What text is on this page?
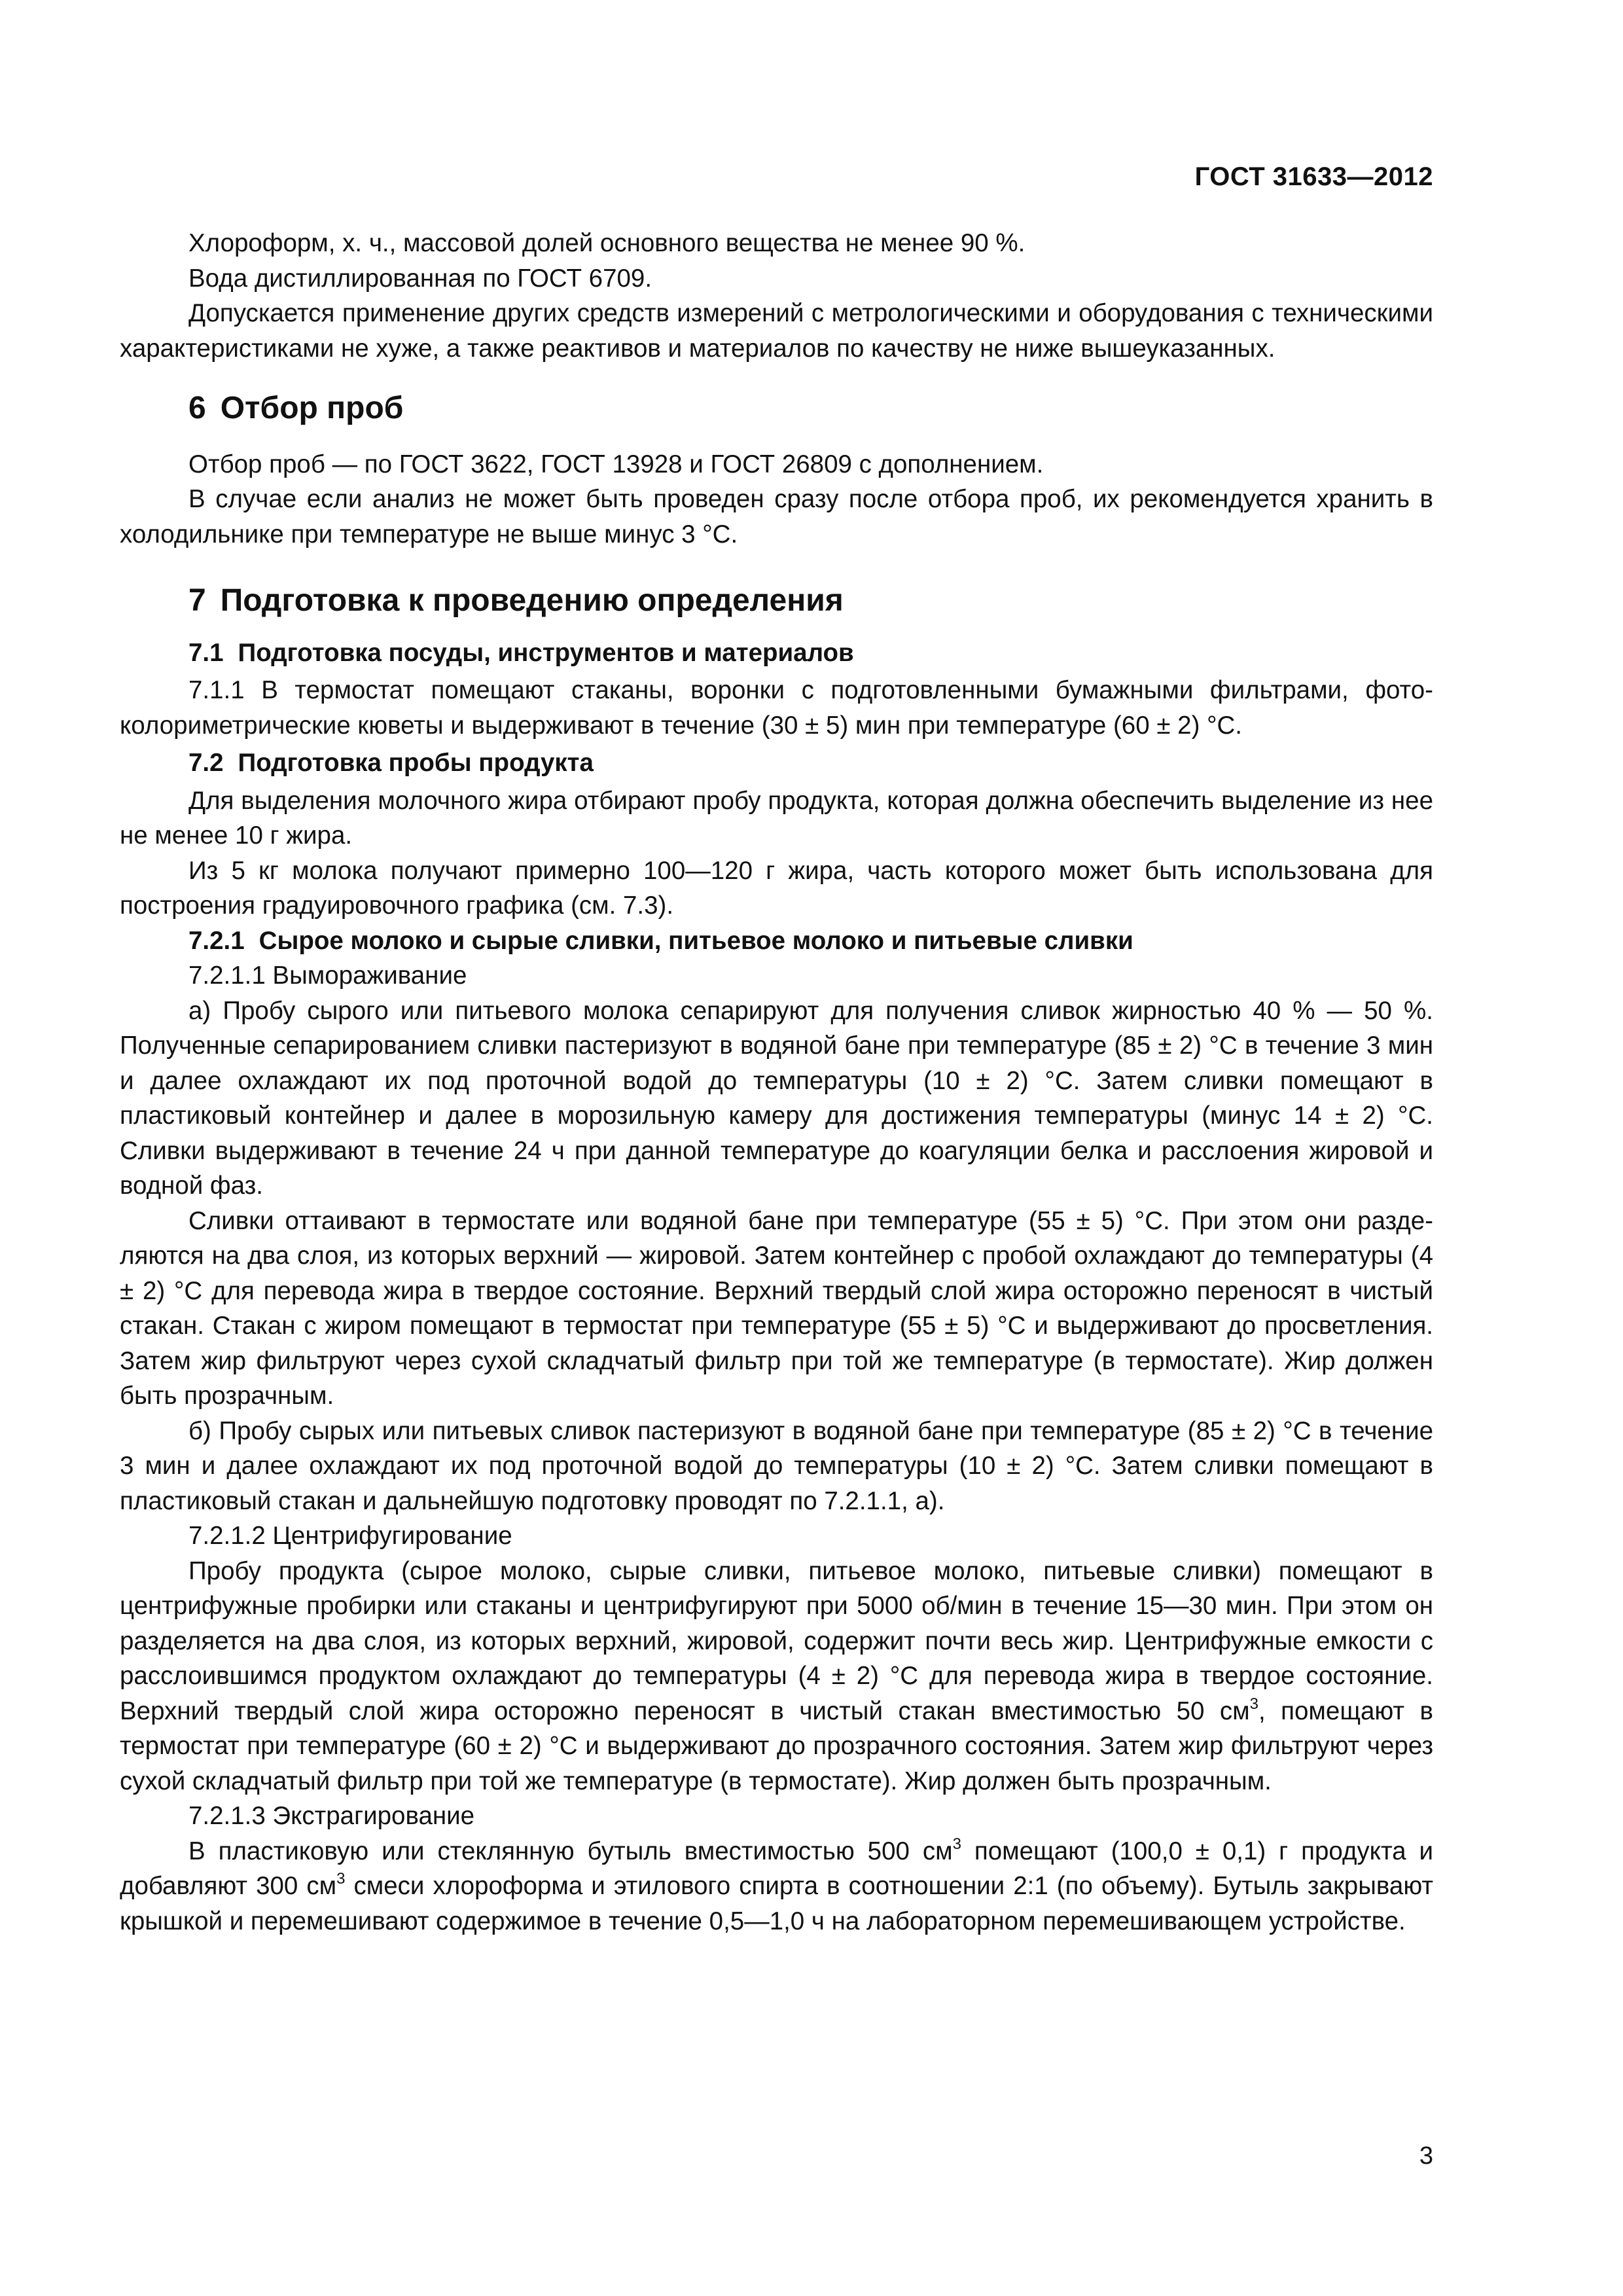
ГОСТ 31633—2012

Хлороформ, х. ч., массовой долей основного вещества не менее 90 %.

Вода дистиллированная по ГОСТ 6709.

Допускается применение других средств измерений с метрологическими и оборудования с техническими характеристиками не хуже, а также реактивов и материалов по качеству не ниже вышеуказанных.

6 Отбор проб

Отбор проб — по ГОСТ 3622, ГОСТ 13928 и ГОСТ 26809 с дополнением.

В случае если анализ не может быть проведен сразу после отбора проб, их рекомендуется хранить в холодильнике при температуре не выше минус 3 °С.

7 Подготовка к проведению определения
7.1 Подготовка посуды, инструментов и материалов

7.1.1 В термостат помещают стаканы, воронки с подготовленными бумажными фильтрами, фотоколориметрические кюветы и выдерживают в течение (30 ± 5) мин при температуре (60 ± 2) °С.

7.2 Подготовка пробы продукта

Для выделения молочного жира отбирают пробу продукта, которая должна обеспечить выделение из нее не менее 10 г жира.

Из 5 кг молока получают примерно 100—120 г жира, часть которого может быть использована для построения градуировочного графика (см. 7.3).

7.2.1 Сырое молоко и сырые сливки, питьевое молоко и питьевые сливки

7.2.1.1 Вымораживание

а) Пробу сырого или питьевого молока сепарируют для получения сливок жирностью 40 % — 50 %. Полученные сепарированием сливки пастеризуют в водяной бане при температуре (85 ± 2) °С в течение 3 мин и далее охлаждают их под проточной водой до температуры (10 ± 2) °С. Затем сливки помещают в пластиковый контейнер и далее в морозильную камеру для достижения температуры (минус 14 ± 2) °С. Сливки выдерживают в течение 24 ч при данной температуре до коагуляции белка и расслоения жировой и водной фаз.

Сливки оттаивают в термостате или водяной бане при температуре (55 ± 5) °С. При этом они разделяются на два слоя, из которых верхний — жировой. Затем контейнер с пробой охлаждают до температуры (4 ± 2) °С для перевода жира в твердое состояние. Верхний твердый слой жира осторожно переносят в чистый стакан. Стакан с жиром помещают в термостат при температуре (55 ± 5) °С и выдерживают до просветления. Затем жир фильтруют через сухой складчатый фильтр при той же температуре (в термостате). Жир должен быть прозрачным.

б) Пробу сырых или питьевых сливок пастеризуют в водяной бане при температуре (85 ± 2) °С в течение 3 мин и далее охлаждают их под проточной водой до температуры (10 ± 2) °С. Затем сливки помещают в пластиковый стакан и дальнейшую подготовку проводят по 7.2.1.1, а).

7.2.1.2 Центрифугирование

Пробу продукта (сырое молоко, сырые сливки, питьевое молоко, питьевые сливки) помещают в центрифужные пробирки или стаканы и центрифугируют при 5000 об/мин в течение 15—30 мин. При этом он разделяется на два слоя, из которых верхний, жировой, содержит почти весь жир. Центрифужные емкости с расслоившимся продуктом охлаждают до температуры (4 ± 2) °С для перевода жира в твердое состояние. Верхний твердый слой жира осторожно переносят в чистый стакан вместимостью 50 $см^3$, помещают в термостат при температуре (60 ± 2) °С и выдерживают до прозрачного состояния. Затем жир фильтруют через сухой складчатый фильтр при той же температуре (в термостате). Жир должен быть прозрачным.

7.2.1.3 Экстрагирование

В пластиковую или стеклянную бутыль вместимостью 500 $см^3$ помещают (100,0 ± 0,1) г продукта и добавляют 300 $см^3$ смеси хлороформа и этилового спирта в соотношении 2:1 (по объему). Бутыль закрывают крышкой и перемешивают содержимое в течение 0,5—1,0 ч на лабораторном перемешивающем устройстве.

3
